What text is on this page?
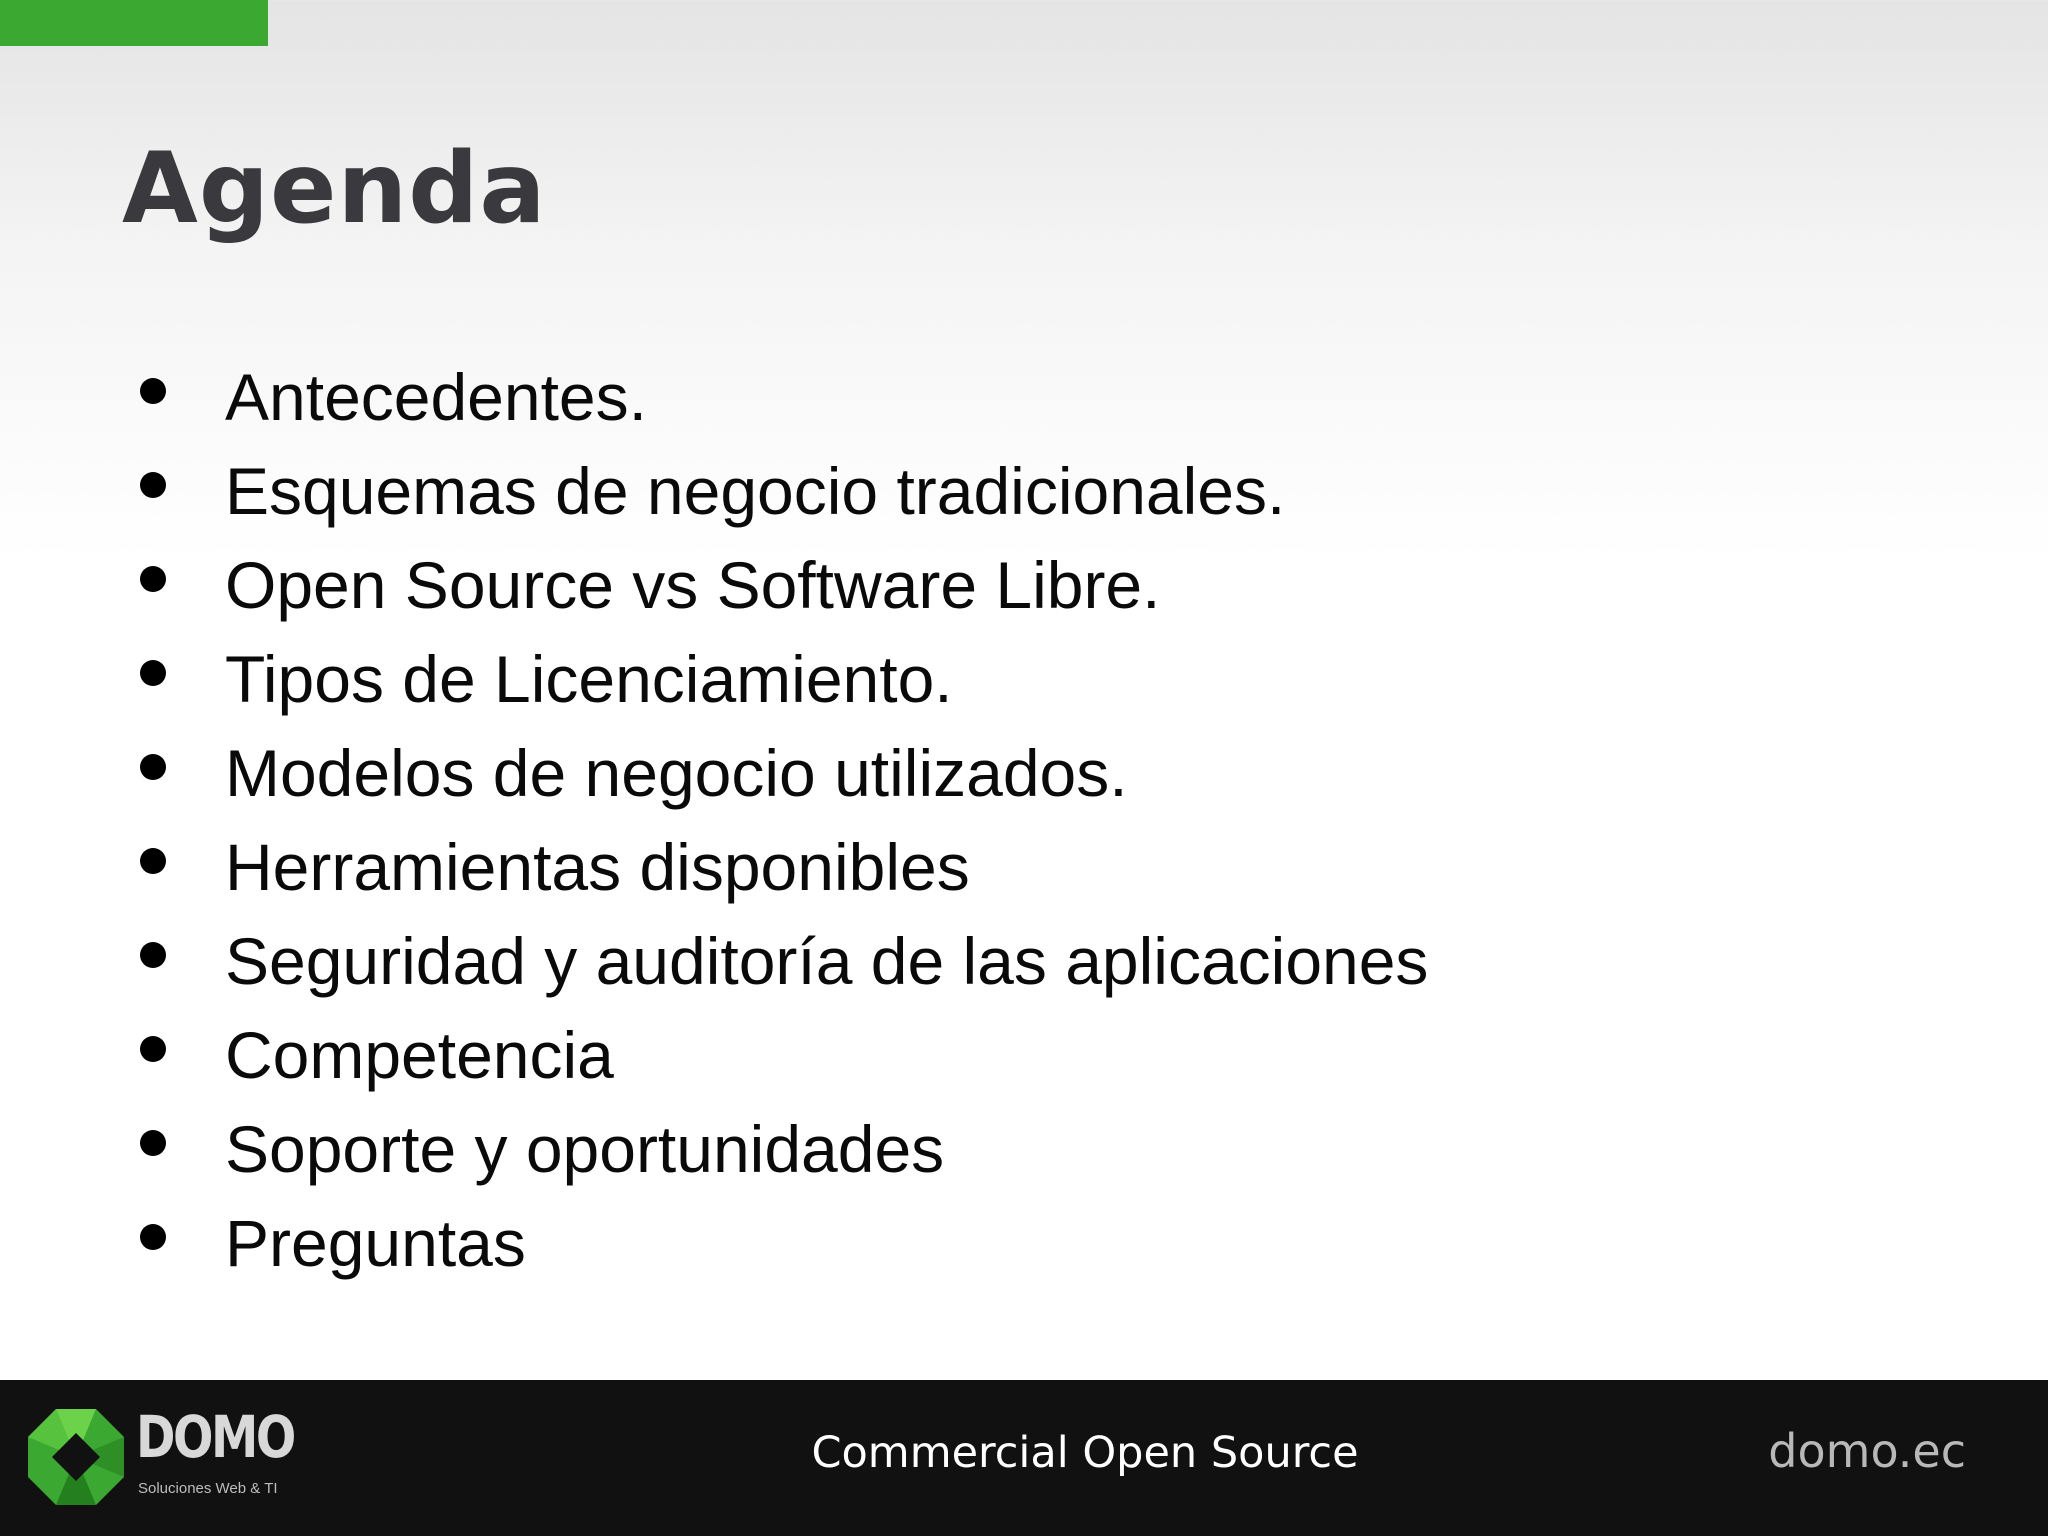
Agenda
Antecedentes.
Esquemas de negocio tradicionales.
Open Source vs Software Libre.
Tipos de Licenciamiento.
Modelos de negocio utilizados.
Herramientas disponibles
Seguridad y auditoría de las aplicaciones
Competencia
Soporte y oportunidades
Preguntas
DOMO
Soluciones Web & TI
Commercial Open Source	domo.ec
